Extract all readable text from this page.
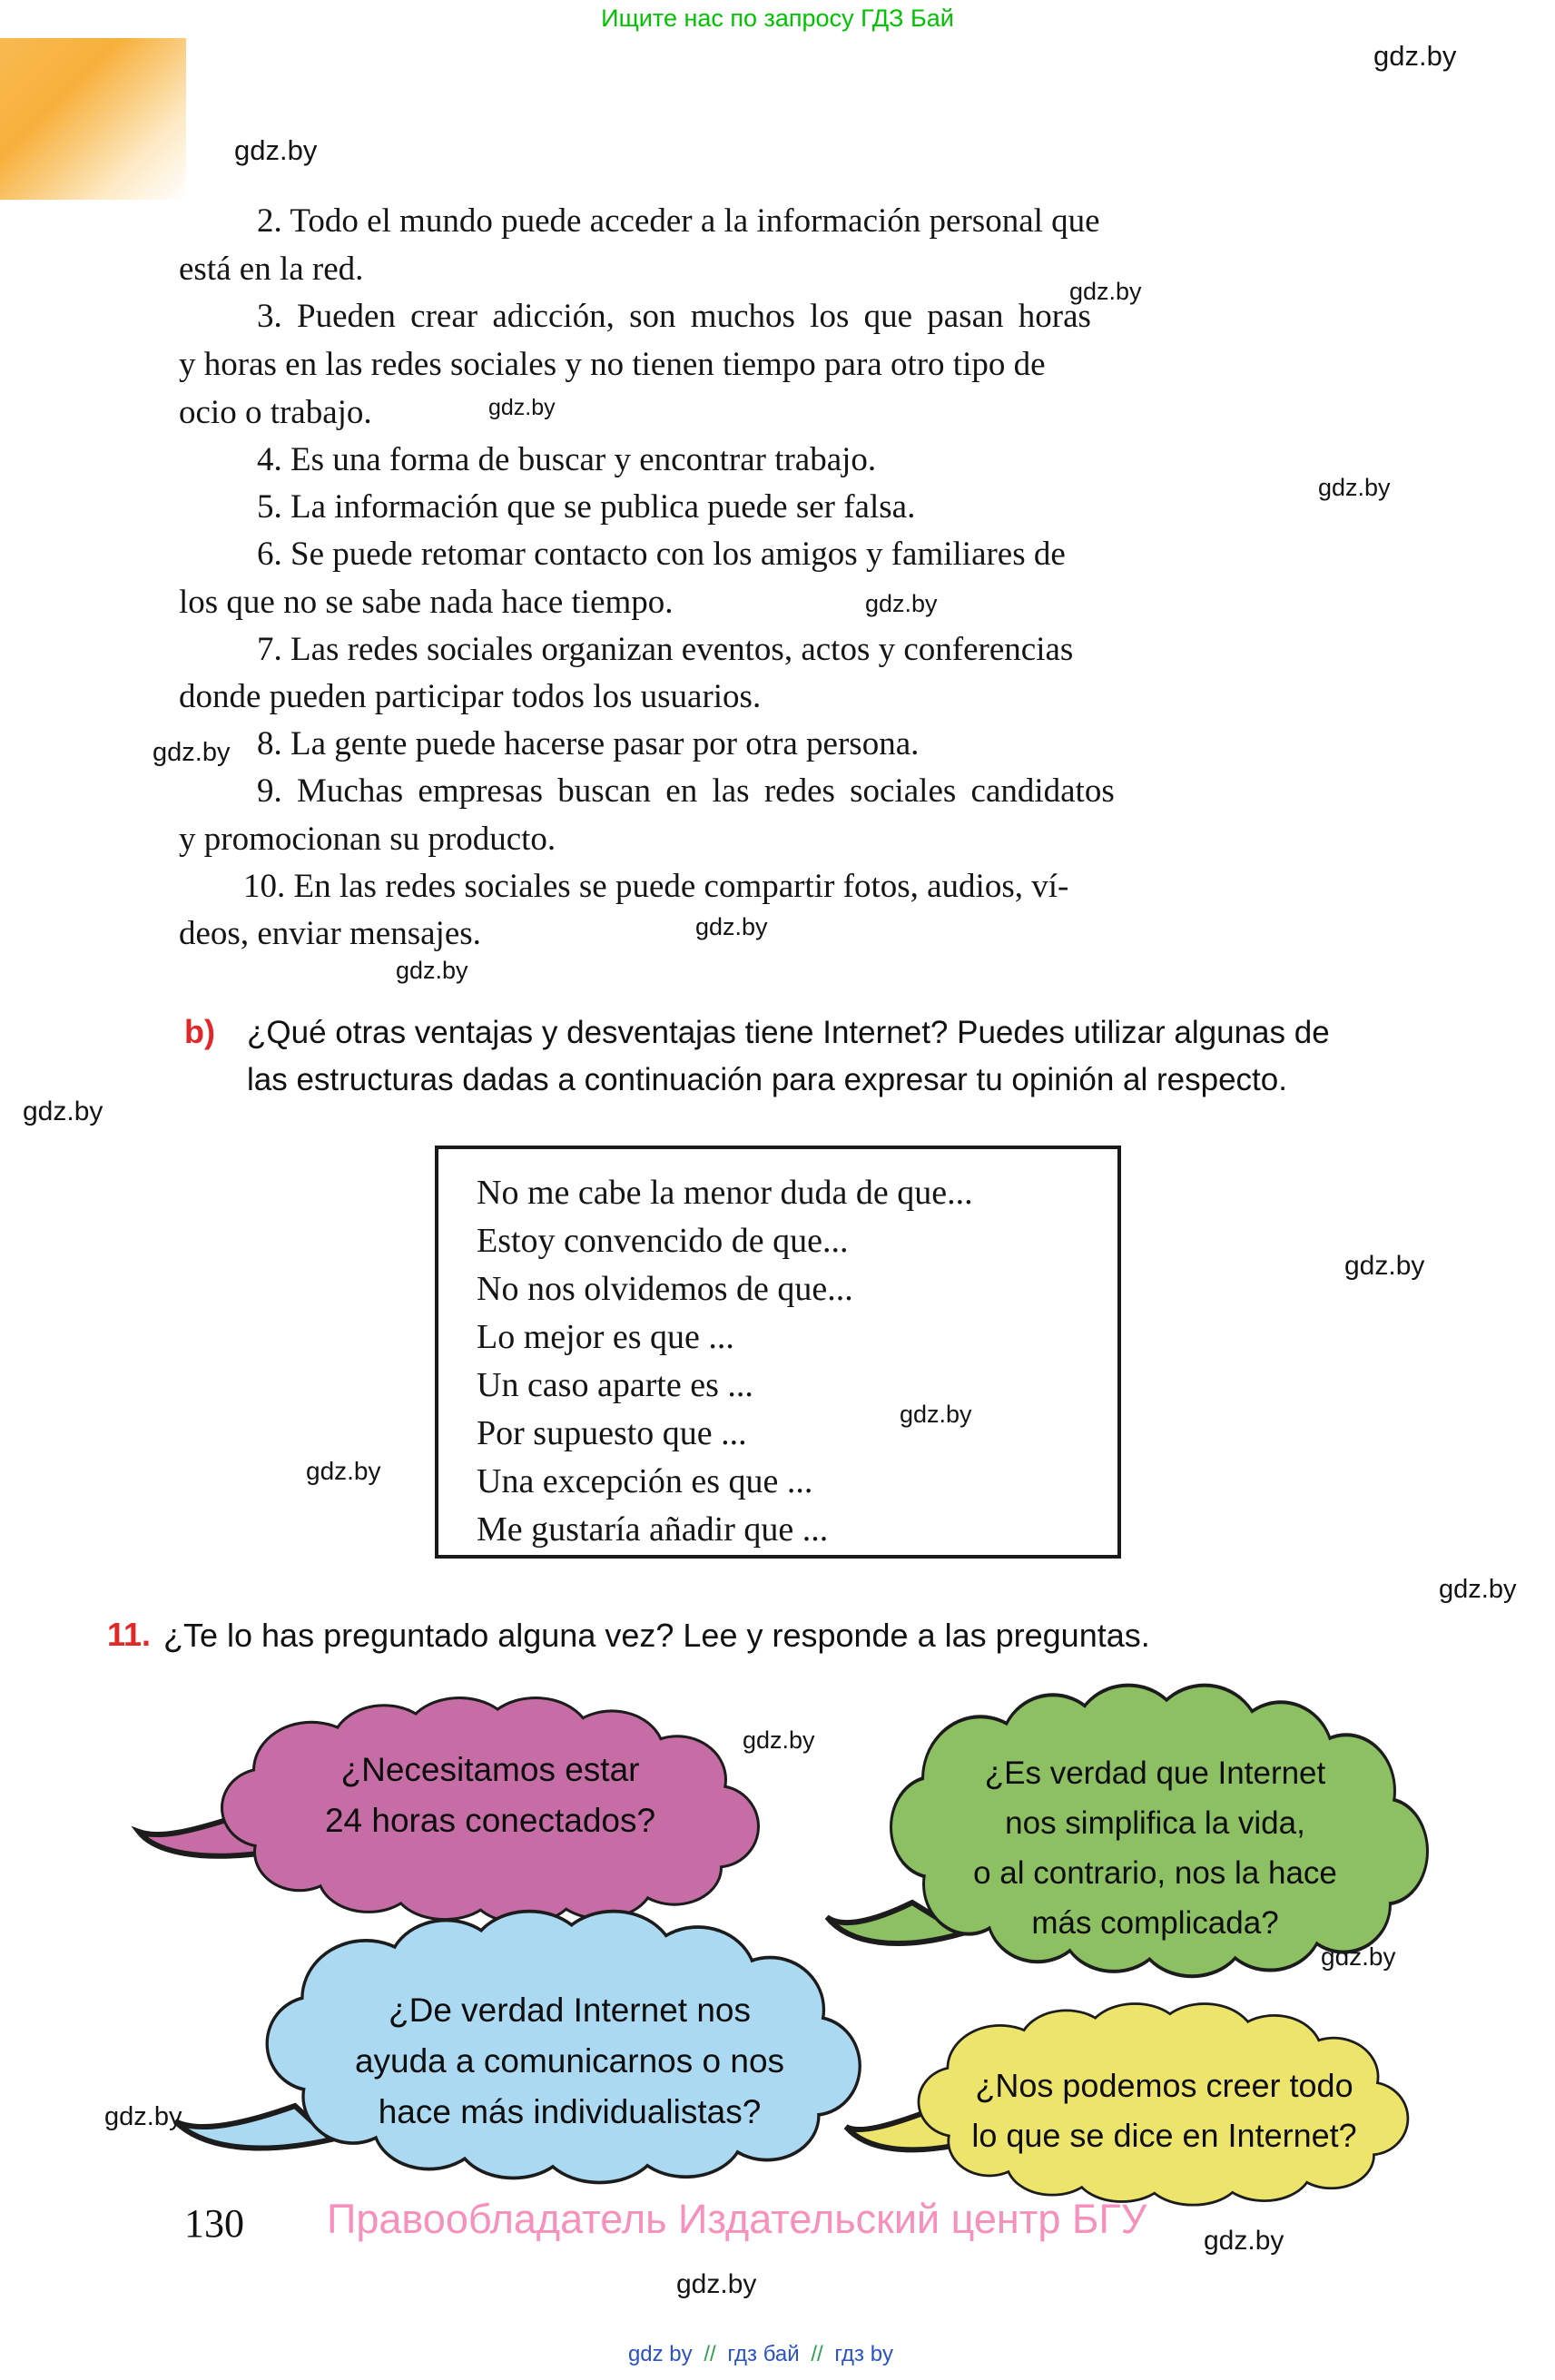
Ищите нас по запросу ГДЗ Бай
gdz.by
gdz.by
gdz.by
gdz.by
gdz.by
gdz.by
gdz.by
gdz.by
gdz.by
gdz.by
gdz.by
gdz.by
gdz.by
gdz.by
gdz.by
gdz.by
gdz.by
gdz.by
gdz.by
2. Todo el mundo puede acceder a la información personal que
está en la red.
3. Pueden crear adicción, son muchos los que pasan horas
y horas en las redes sociales y no tienen tiempo para otro tipo de
ocio o trabajo.
4. Es una forma de buscar y encontrar trabajo.
5. La información que se publica puede ser falsa.
6. Se puede retomar contacto con los amigos y familiares de
los que no se sabe nada hace tiempo.
7. Las redes sociales organizan eventos, actos y conferencias
donde pueden participar todos los usuarios.
8. La gente puede hacerse pasar por otra persona.
9. Muchas empresas buscan en las redes sociales candidatos
y promocionan su producto.
10. En las redes sociales se puede compartir fotos, audios, ví-
deos, enviar mensajes.
b) ¿Qué otras ventajas y desventajas tiene Internet? Puedes utilizar algunas de
las estructuras dadas a continuación para expresar tu opinión al respecto.
No me cabe la menor duda de que...
Estoy convencido de que...
No nos olvidemos de que...
Lo mejor es que ...
Un caso aparte es ...
Por supuesto que ...
Una excepción es que ...
Me gustaría añadir que ...
11. ¿Te lo has preguntado alguna vez? Lee y responde a las preguntas.
¿Necesitamos estar
24 horas conectados?
¿Es verdad que Internet
nos simplifica la vida,
o al contrario, nos la hace
más complicada?
¿De verdad Internet nos
ayuda a comunicarnos o nos
hace más individualistas?
¿Nos podemos creer todo
lo que se dice en Internet?
130 Правообладатель Издательский центр БГУ
gdz by // гдз бай // гдз by
